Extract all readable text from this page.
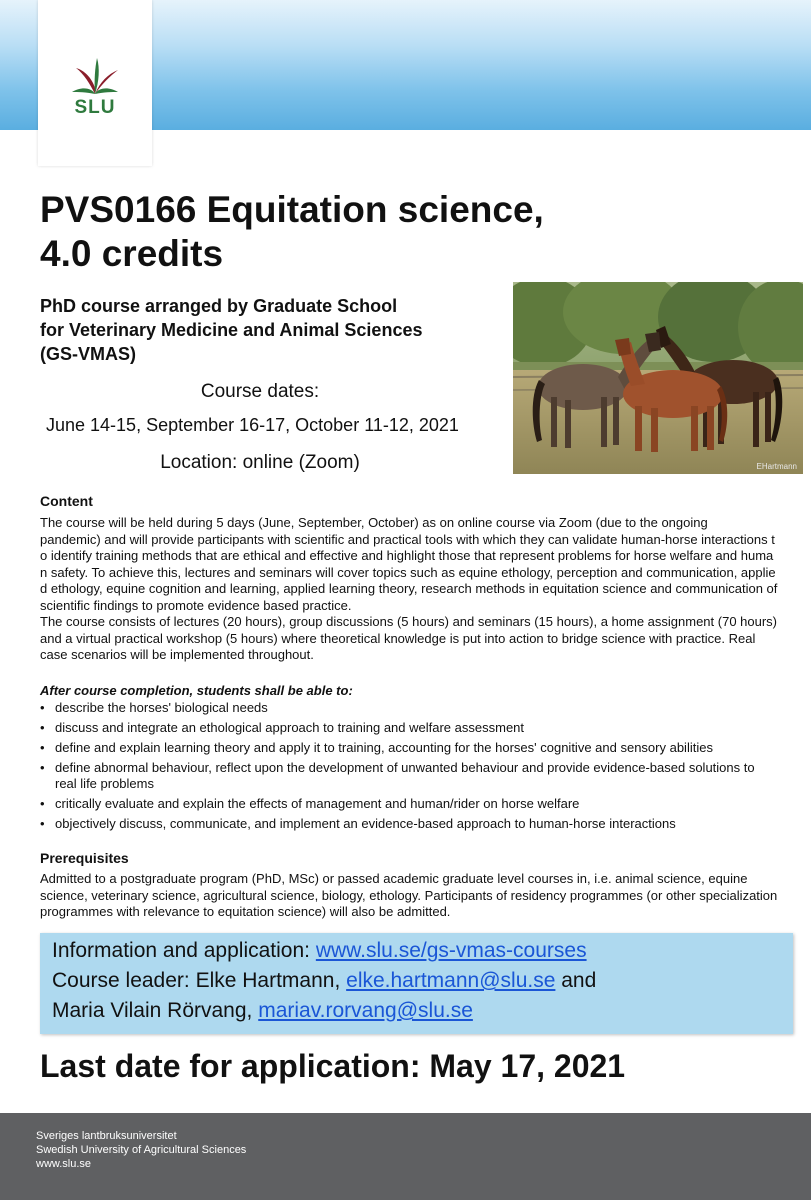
SLU
PVS0166 Equitation science,
4.0 credits
PhD course arranged by Graduate School
for Veterinary Medicine and Animal Sciences
(GS-VMAS)
Course dates:
June 14-15, September 16-17, October 11-12, 2021
Location: online (Zoom)	EHartmann
Content
The course will be held during 5 days (June, September, October) as on online course via Zoom (due to the ongoing
pandemic) and will provide participants with scientific and practical tools with which they can validate human-horse interactions t
o identify training methods that are ethical and effective and highlight those that represent problems for horse welfare and huma
n safety. To achieve this, lectures and seminars will cover topics such as equine ethology, perception and communication, applie
d ethology, equine cognition and learning, applied learning theory, research methods in equitation science and communication of
scientific findings to promote evidence based practice.
The course consists of lectures (20 hours), group discussions (5 hours) and seminars (15 hours), a home assignment (70 hours)
and a virtual practical workshop (5 hours) where theoretical knowledge is put into action to bridge science with practice. Real
case scenarios will be implemented throughout.
After course completion, students shall be able to:
•
describe the horses' biological needs
•
discuss and integrate an ethological approach to training and welfare assessment
•
define and explain learning theory and apply it to training, accounting for the horses' cognitive and sensory abilities
•
define abnormal behaviour, reflect upon the development of unwanted behaviour and provide evidence-based solutions to real life problems
•
critically evaluate and explain the effects of management and human/rider on horse welfare
•
objectively discuss, communicate, and implement an evidence-based approach to human-horse interactions
Prerequisites
Admitted to a postgraduate program (PhD, MSc) or passed academic graduate level courses in, i.e. animal science, equine
science, veterinary science, agricultural science, biology, ethology. Participants of residency programmes (or other specialization
programmes with relevance to equitation science) will also be admitted.
Information and application: www.slu.se/gs-vmas-courses
Course leader: Elke Hartmann, elke.hartmann@slu.se and
Maria Vilain Rörvang, mariav.rorvang@slu.se
Last date for application: May 17, 2021
Sveriges lantbruksuniversitet
Swedish University of Agricultural Sciences
www.slu.se
